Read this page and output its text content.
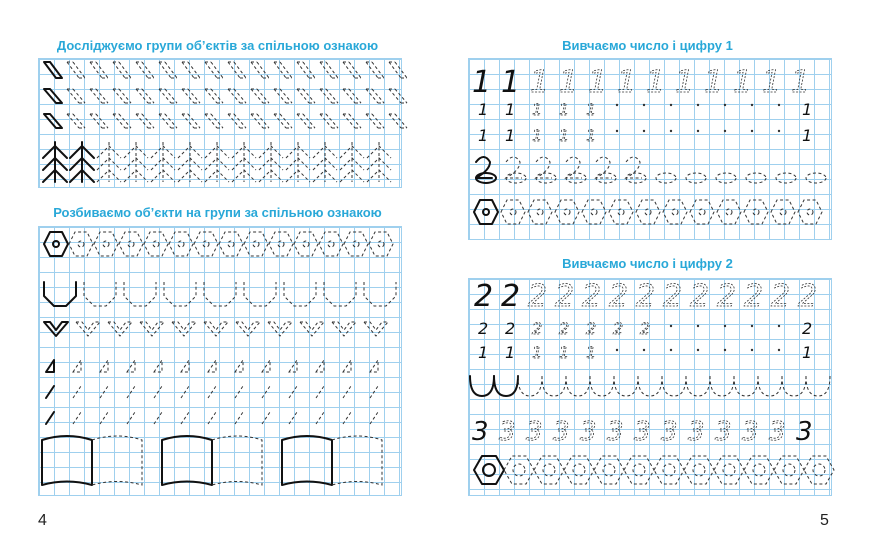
Досліджуємо групи об’єктів за спільною ознакою
Розбиваємо об’єкти на групи за спільною ознакою
Вивчаємо число і цифру 1
Вивчаємо число і цифру 2
1 1 1 1 1 1 1 1 1 1 1 1
1 1 1 1 1	1
1 1 1 1 1	1
2 2 2 2 2 2 2 2 2 2 2 2 2
2 2 2 2 2 2 2	2
1 1 1 1 1	1
3 3 3 3 3 3 3 3 3 3 3 3 3
4	5
